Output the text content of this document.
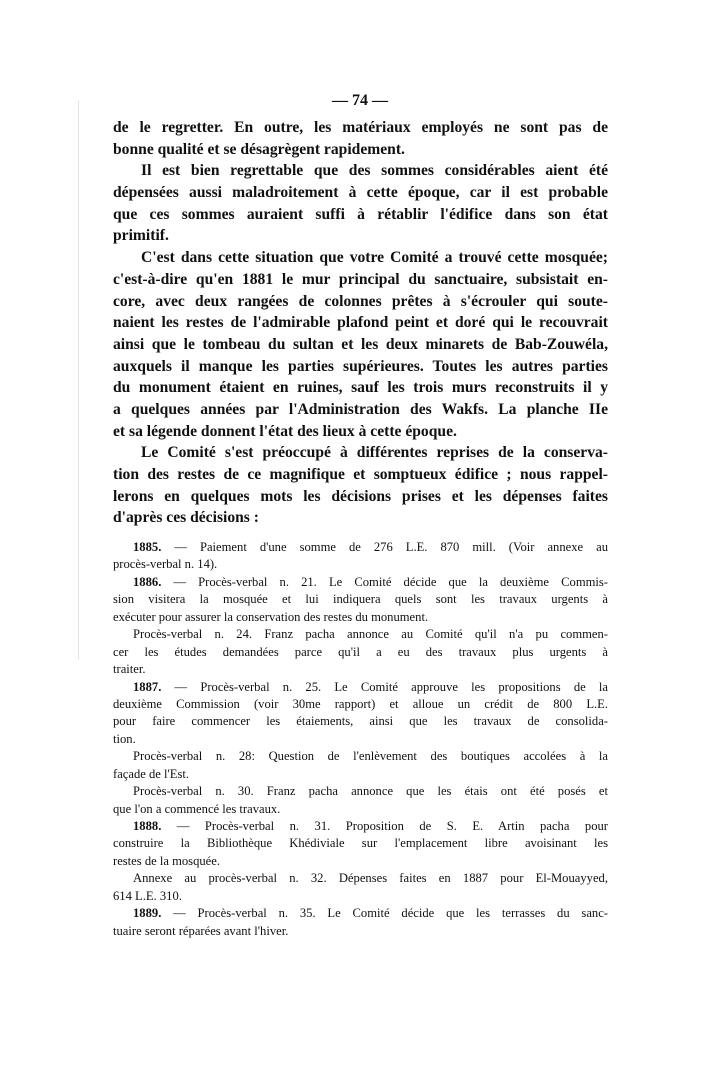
— 74 —
de le regretter. En outre, les matériaux employés ne sont pas de
bonne qualité et se désagrègent rapidement.
Il est bien regrettable que des sommes considérables aient été
dépensées aussi maladroitement à cette époque, car il est probable
que ces sommes auraient suffi à rétablir l'édifice dans son état
primitif.
C'est dans cette situation que votre Comité a trouvé cette mosquée;
c'est-à-dire qu'en 1881 le mur principal du sanctuaire, subsistait en-
core, avec deux rangées de colonnes prêtes à s'écrouler qui soute-
naient les restes de l'admirable plafond peint et doré qui le recouvrait
ainsi que le tombeau du sultan et les deux minarets de Bab-Zouwéla,
auxquels il manque les parties supérieures. Toutes les autres parties
du monument étaient en ruines, sauf les trois murs reconstruits il y
a quelques années par l'Administration des Wakfs. La planche IIe
et sa légende donnent l'état des lieux à cette époque.
Le Comité s'est préoccupé à différentes reprises de la conserva-
tion des restes de ce magnifique et somptueux édifice ; nous rappel-
lerons en quelques mots les décisions prises et les dépenses faites
d'après ces décisions :
1885. — Paiement d'une somme de 276 L.E. 870 mill. (Voir annexe au
procès-verbal n. 14).
1886. — Procès-verbal n. 21. Le Comité décide que la deuxième Commis-
sion visitera la mosquée et lui indiquera quels sont les travaux urgents à
exécuter pour assurer la conservation des restes du monument.
Procès-verbal n. 24. Franz pacha annonce au Comité qu'il n'a pu commen-
cer les études demandées parce qu'il a eu des travaux plus urgents à
traiter.
1887. — Procès-verbal n. 25. Le Comité approuve les propositions de la
deuxième Commission (voir 30me rapport) et alloue un crédit de 800 L.E.
pour faire commencer les étaiements, ainsi que les travaux de consolida-
tion.
Procès-verbal n. 28: Question de l'enlèvement des boutiques accolées à la
façade de l'Est.
Procès-verbal n. 30. Franz pacha annonce que les étais ont été posés et
que l'on a commencé les travaux.
1888. — Procès-verbal n. 31. Proposition de S. E. Artin pacha pour
construire la Bibliothèque Khédiviale sur l'emplacement libre avoisinant les
restes de la mosquée.
Annexe au procès-verbal n. 32. Dépenses faites en 1887 pour El-Mouayyed,
614 L.E. 310.
1889. — Procès-verbal n. 35. Le Comité décide que les terrasses du sanc-
tuaire seront réparées avant l'hiver.
